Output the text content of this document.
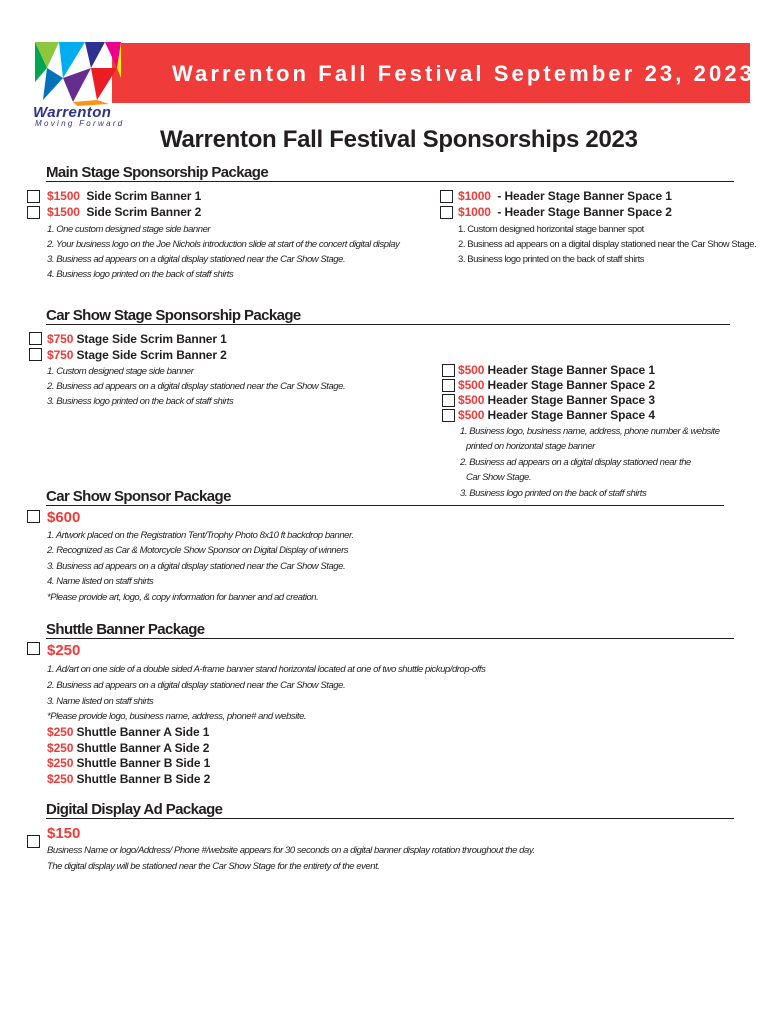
Warrenton Fall Festival September 23, 2023
Warrenton
Moving Forward
Warrenton Fall Festival Sponsorships 2023
Main Stage Sponsorship Package
$1500 Side Scrim Banner 1
$1500 Side Scrim Banner 2
1. One custom designed stage side banner
2. Your business logo on the Joe Nichols introduction slide at start of the concert digital display
3. Business ad appears on a digital display stationed near the Car Show Stage.
4. Business logo printed on the back of staff shirts
$1000 - Header Stage Banner Space 1
$1000 - Header Stage Banner Space 2
1. Custom designed horizontal stage banner spot
2. Business ad appears on a digital display stationed near the Car Show Stage.
3. Business logo printed on the back of staff shirts
Car Show Stage Sponsorship Package
$750 Stage Side Scrim Banner 1
$750 Stage Side Scrim Banner 2
1. Custom designed stage side banner
2. Business ad appears on a digital display stationed near the Car Show Stage.
3. Business logo printed on the back of staff shirts
$500 Header Stage Banner Space 1
$500 Header Stage Banner Space 2
$500 Header Stage Banner Space 3
$500 Header Stage Banner Space 4
1. Business logo, business name, address, phone number & website
printed on horizontal stage banner
2. Business ad appears on a digital display stationed near the
Car Show Stage.
3. Business logo printed on the back of staff shirts
Car Show Sponsor Package
$600
1. Artwork placed on the Registration Tent/Trophy Photo 8x10 ft backdrop banner.
2. Recognized as Car & Motorcycle Show Sponsor on Digital Display of winners
3. Business ad appears on a digital display stationed near the Car Show Stage.
4. Name listed on staff shirts
*Please provide art, logo, & copy information for banner and ad creation.
Shuttle Banner Package
$250
1. Ad/art on one side of a double sided A-frame banner stand horizontal located at one of two shuttle pickup/drop-offs
2. Business ad appears on a digital display stationed near the Car Show Stage.
3. Name listed on staff shirts
*Please provide logo, business name, address, phone# and website.
$250 Shuttle Banner A Side 1
$250 Shuttle Banner A Side 2
$250 Shuttle Banner B Side 1
$250 Shuttle Banner B Side 2
Digital Display Ad Package
$150
Business Name or logo/Address/ Phone #/website appears for 30 seconds on a digital banner display rotation throughout the day.
The digital display will be stationed near the Car Show Stage for the entirety of the event.
